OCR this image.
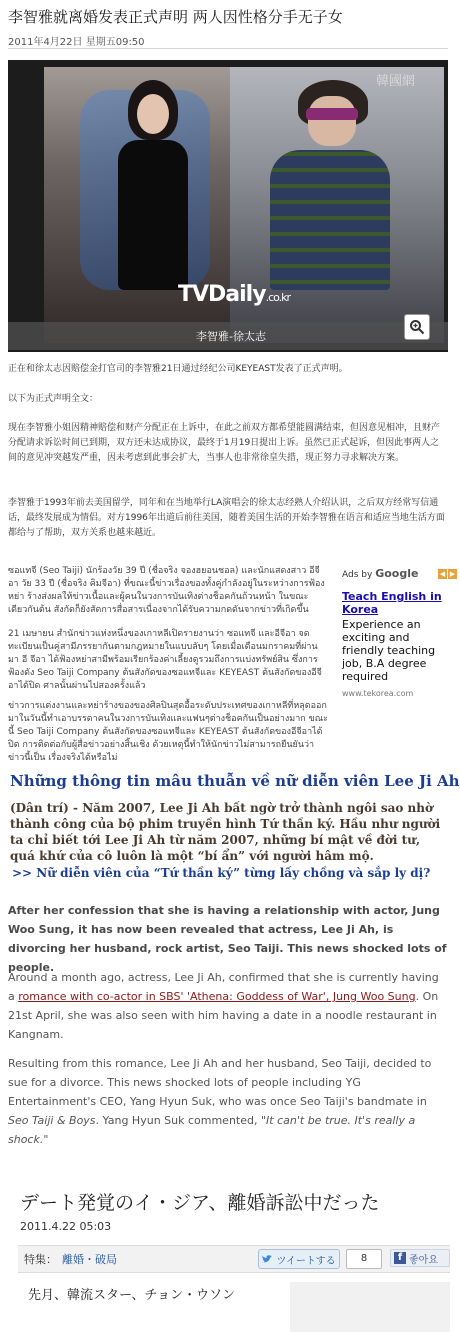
李智雅就离婚发表正式声明 两人因性格分手无子女
2011年4月22日 星期五09:50
韓國網
TVDaily.co.kr
李智雅-徐太志
正在和徐太志因赔偿金打官司的李智雅21日通过经纪公司KEYEAST发表了正式声明。
以下为正式声明全文：
现在李智雅小姐因精神赔偿和财产分配正在上诉中，在此之前双方都希望能圆满结束，但因意见相冲，且财产分配请求诉讼时间已到期，双方还未达成协议，最终于1月19日提出上诉。虽然已正式起诉，但因此事两人之间的意见冲突越发严重，因未考虑到此事会扩大，当事人也非常徐皇失措，现正努力寻求解决方案。
李智雅于1993年前去美国留学，同年和在当地举行LA演唱会的徐太志经熟人介绍认识，之后双方经常写信通话，最终发展成为情侣。对方1996年出道后前往美国，随着美国生活的开始李智雅在语言和适应当地生活方面都给与了帮助，双方关系也越来越近。
ซอแทจี (Seo Taiji) นักร้องวัย 39 ปี (ชื่อจริง จองฮยอนชอล) และนักแสดงสาว อีจีอา วัย 33 ปี (ชื่อจริง คิมจีอา) ที่ขณะนี้ข่าวเรื่องของทั้งคู่กำลังอยู่ในระหว่างการฟ้องหย่า ร้างส่งผลให้ข่าวเนื้อและผู้คนในวงการบันเทิงต่างช็อคกันถ้วนหน้า ในขณะเดียวกันต้น สังกัดก็ยังสัดการสื่อสารเนื่องจากได้รับความกดดันจากข่าวที่เกิดขึ้น
21 เมษายน สำนักข่าวแห่งหนึ่งของเกาหลีเปิดรายงานว่า ซอแทจี และอีจีอา จด ทะเบียนเป็นคู่สามีภรรยากันตามกฎหมายในแบบลับๆ โดยเมื่อเดือนมกราคมที่ผ่านมา อี จีอา ได้ฟ้องหย่าสามีพร้อมเรียกร้องค่าเลี้ยงดูรวมถึงการแบ่งทรัพย์สิน ซึ่งการฟ้องดัง Seo Taiji Company ต้นสังกัดของซอแทจีและ KEYEAST ต้นสังกัดของอีจีอาได้ปิด ศาลนั้นผ่านไปสองครั้งแล้ว
ข่าวการแต่งงานและหย่าร้างของของศิลปินสุดอื้อระดับประเทศของเกาหลีที่หลุดออก มาในวันนี้ทำเอาบรรดาคนในวงการบันเทิงและแฟนๆต่างช็อคกันเป็นอย่างมาก ขณะนี้ Seo Taiji Company ต้นสังกัดของซอแทจีและ KEYEAST ต้นสังกัดของอีจีอาได้ปิด การติดต่อกับผู้สื่อข่าวอย่างสิ้นเชิง ด้วยเหตุนี้ทำให้นักข่าวไม่สามารถยืนยันว่าข่าวนี้เป็น เรื่องจริงได้หรือไม่
Ads by Google	◀ ▶
Teach English in Korea
Experience an exciting and friendly teaching job, B.A degree required
www.tekorea.com
Những thông tin mâu thuẫn về nữ diễn viên Lee Ji Ah
(Dân trí) - Năm 2007, Lee Ji Ah bất ngờ trở thành ngôi sao nhờ thành công của bộ phim truyền hình Tứ thần ký. Hầu như người ta chỉ biết tới Lee Ji Ah từ năm 2007, những bí mật về đời tư, quá khứ của cô luôn là một “bí ẩn” với người hâm mộ.
>> Nữ diễn viên của “Tứ thần ký” từng lấy chồng và sắp ly dị?
After her confession that she is having a relationship with actor, Jung Woo Sung, it has now been revealed that actress, Lee Ji Ah, is divorcing her husband, rock artist, Seo Taiji. This news shocked lots of people.
Around a month ago, actress, Lee Ji Ah, confirmed that she is currently having a romance with co-actor in SBS' 'Athena: Goddess of War', Jung Woo Sung. On 21st April, she was also seen with him having a date in a noodle restaurant in Kangnam.
Resulting from this romance, Lee Ji Ah and her husband, Seo Taiji, decided to sue for a divorce. This news shocked lots of people including YG Entertainment's CEO, Yang Hyun Suk, who was once Seo Taiji's bandmate in Seo Taiji & Boys. Yang Hyun Suk commented, "It can't be true. It's really a shock."
デート発覚のイ・ジア、離婚訴訟中だった
2011.4.22 05:03
特集： 離婚・破局	ツイートする	8	f 좋아요
先月、韓流スター、チョン・ウソン
